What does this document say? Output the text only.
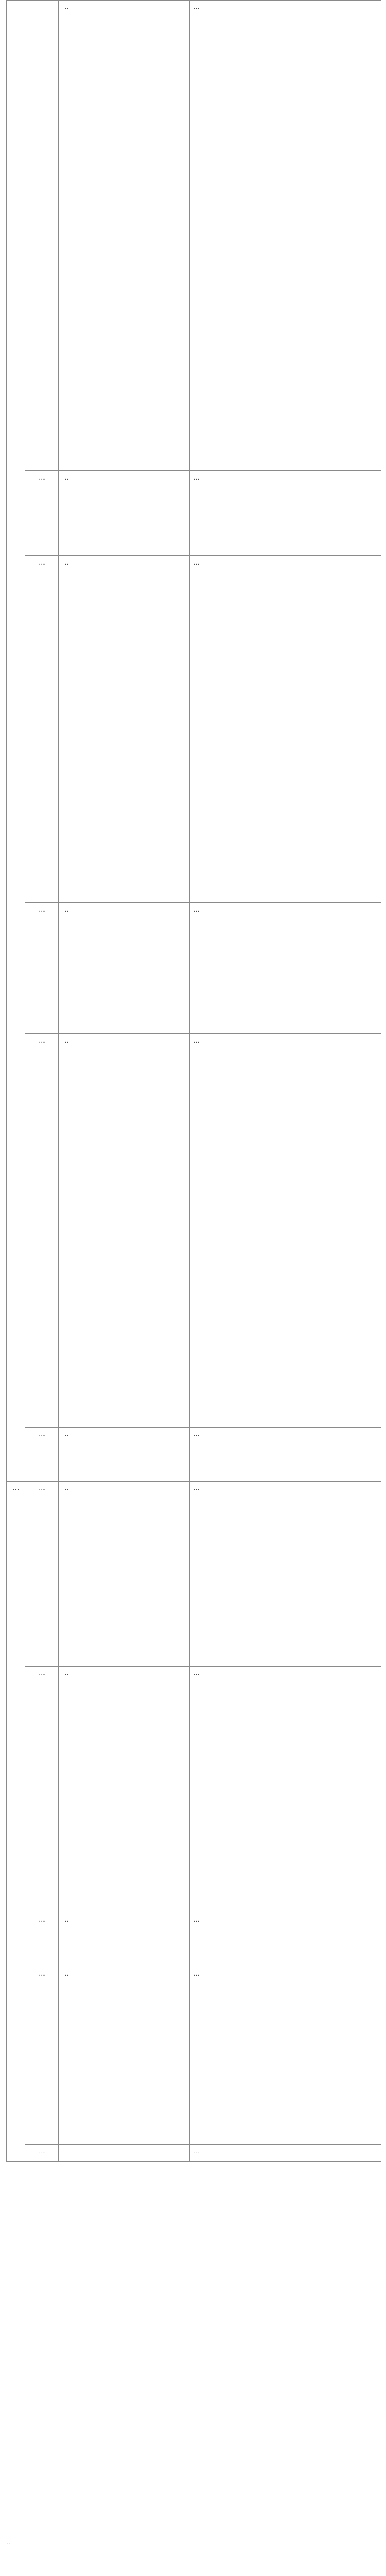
		…	…
	…	…	…
	…	…	…
	…	…	…
	…	…	…
	…	…	…
…	…	…	…
	…	…	…
	…	…	…
	…	…	…
	…		…
…
